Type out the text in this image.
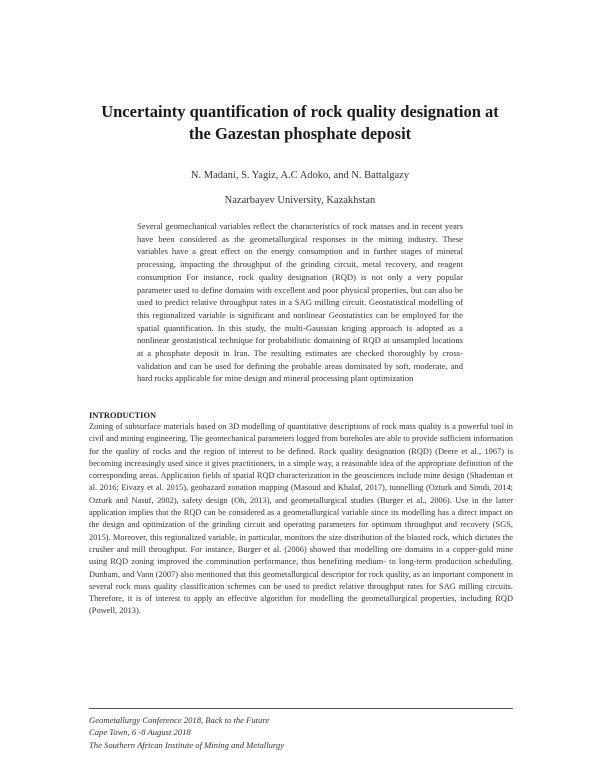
Uncertainty quantification of rock quality designation at the Gazestan phosphate deposit
N. Madani, S. Yagiz, A.C Adoko, and N. Battalgazy
Nazarbayev University, Kazakhstan
Several geomechanical variables reflect the characteristics of rock masses and in recent years have been considered as the geometallurgical responses in the mining industry. These variables have a great effect on the energy consumption and in further stages of mineral processing, impacting the throughput of the grinding circuit, metal recovery, and reagent consumption For instance, rock quality designation (RQD) is not only a very popular parameter used to define domains with excellent and poor physical properties, but can also be used to predict relative throughput rates in a SAG milling circuit. Geostatistical modelling of this regionalized variable is significant and nonlinear Geostatistics can be employed for the spatial quantification. In this study, the multi-Gaussian kriging approach is adopted as a nonlinear geostatistical technique for probabilistic domaining of RQD at unsampled locations at a phosphate deposit in Iran. The resulting estimates are checked thoroughly by cross-validation and can be used for defining the probable areas dominated by soft, moderate, and hard rocks applicable for mine design and mineral processing plant optimization
INTRODUCTION
Zoning of subsurface materials based on 3D modelling of quantitative descriptions of rock mass quality is a powerful tool in civil and mining engineering. The geomechanical parameters logged from boreholes are able to provide sufficient information for the quality of rocks and the region of interest to be defined. Rock quality designation (RQD) (Deere et al., 1967) is becoming increasingly used since it gives practitioners, in a simple way, a reasonable idea of the appropriate definition of the corresponding areas. Application fields of spatial RQD characterization in the geosciences include mine design (Shademan et al. 2016; Eivazy et al. 2015), geohazard zonation mapping (Masoud and Khalaf, 2017), tunnelling (Ozturk and Simdi, 2014; Ozturk and Nasuf, 2002), safety design (Oh, 2013), and geometallurgical studies (Burger et al., 2006). Use in the latter application implies that the RQD can be considered as a geometallurgical variable since its modelling has a direct impact on the design and optimization of the grinding circuit and operating parameters for optimum throughput and recovery (SGS, 2015). Moreover, this regionalized variable, in particular, monitors the size distribution of the blasted rock, which dictates the crusher and mill throughput. For instance, Burger et al. (2006) showed that modelling ore domains in a copper-gold mine using RQD zoning improved the comminution performance, thus benefiting medium- to long-term production scheduling. Dunham, and Vann (2007) also mentioned that this geometallurgical descriptor for rock quality, as an important component in several rock mass quality classification schemes can be used to predict relative throughput rates for SAG milling circuits. Therefore, it is of interest to apply an effective algorithm for modelling the geometallurgical properties, including RQD (Powell, 2013).
Geometallurgy Conference 2018, Back to the Future
Cape Town, 6 -8 August 2018
The Southern African Institute of Mining and Metallurgy
